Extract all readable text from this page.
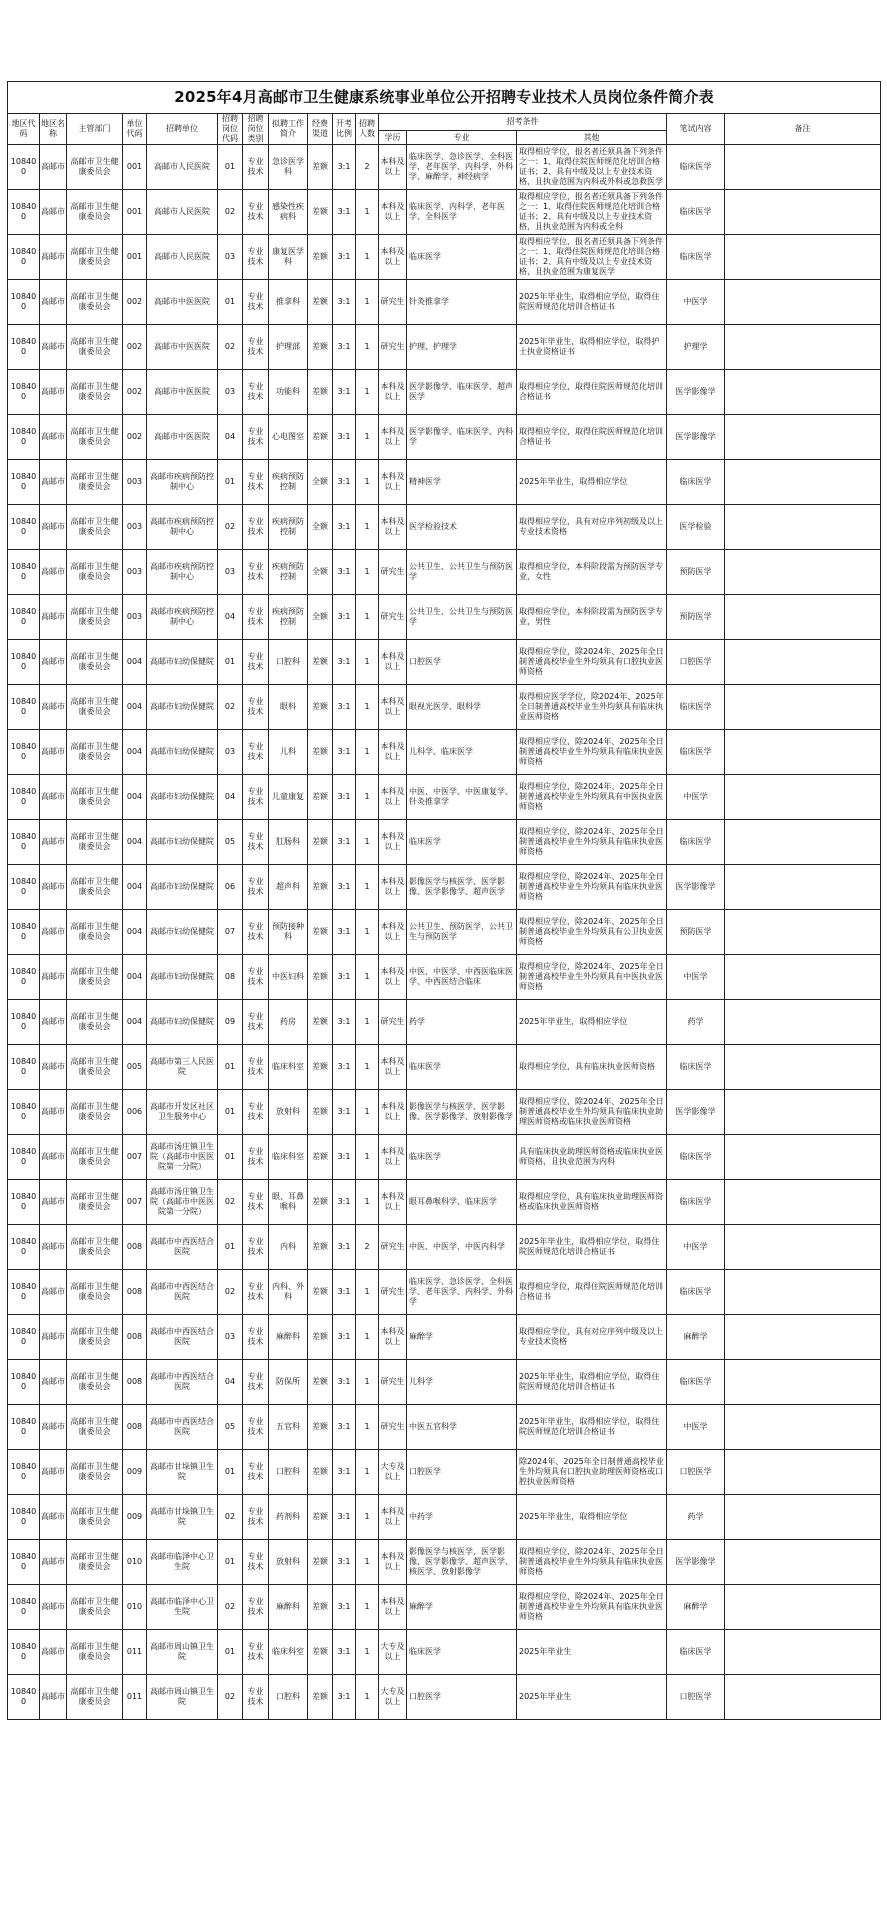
2025年4月高邮市卫生健康系统事业单位公开招聘专业技术人员岗位条件简介表															
地区代码	地区名称	主管部门	单位代码	招聘单位	招聘岗位代码	招聘岗位类别	拟聘工作简介	经费渠道	开考比例	招聘人数	招考条件			笔试内容	备注
											学历	专业	其他		

108400	高邮市	高邮市卫生健康委员会	001	高邮市人民医院	01	专业技术	急诊医学科	差额	3:1	2	本科及以上	临床医学、急诊医学、全科医学、老年医学、内科学、外科学、麻醉学、神经病学	取得相应学位，报名者还须具备下列条件之一：1、取得住院医师规范化培训合格证书；2、具有中级及以上专业技术资格，且执业范围为内科或外科或急救医学	临床医学	

108400	高邮市	高邮市卫生健康委员会	001	高邮市人民医院	02	专业技术	感染性疾病科	差额	3:1	1	本科及以上	临床医学、内科学、老年医学、全科医学	取得相应学位，报名者还须具备下列条件之一：1、取得住院医师规范化培训合格证书；2、具有中级及以上专业技术资格，且执业范围为内科或全科	临床医学	

108400	高邮市	高邮市卫生健康委员会	001	高邮市人民医院	03	专业技术	康复医学科	差额	3:1	1	本科及以上	临床医学	取得相应学位，报名者还须具备下列条件之一：1、取得住院医师规范化培训合格证书；2、具有中级及以上专业技术资格，且执业范围为康复医学	临床医学	

108400	高邮市	高邮市卫生健康委员会	002	高邮市中医医院	01	专业技术	推拿科	差额	3:1	1	研究生	针灸推拿学	2025年毕业生，取得相应学位，取得住院医师规范化培训合格证书	中医学	

108400	高邮市	高邮市卫生健康委员会	002	高邮市中医医院	02	专业技术	护理部	差额	3:1	1	研究生	护理、护理学	2025年毕业生，取得相应学位，取得护士执业资格证书	护理学	

108400	高邮市	高邮市卫生健康委员会	002	高邮市中医医院	03	专业技术	功能科	差额	3:1	1	本科及以上	医学影像学、临床医学、超声医学	取得相应学位，取得住院医师规范化培训合格证书	医学影像学	

108400	高邮市	高邮市卫生健康委员会	002	高邮市中医医院	04	专业技术	心电图室	差额	3:1	1	本科及以上	医学影像学、临床医学、内科学	取得相应学位，取得住院医师规范化培训合格证书	医学影像学	

108400	高邮市	高邮市卫生健康委员会	003	高邮市疾病预防控制中心	01	专业技术	疾病预防控制	全额	3:1	1	本科及以上	精神医学	2025年毕业生，取得相应学位	临床医学	

108400	高邮市	高邮市卫生健康委员会	003	高邮市疾病预防控制中心	02	专业技术	疾病预防控制	全额	3:1	1	本科及以上	医学检验技术	取得相应学位，具有对应序列初级及以上专业技术资格	医学检验	

108400	高邮市	高邮市卫生健康委员会	003	高邮市疾病预防控制中心	03	专业技术	疾病预防控制	全额	3:1	1	研究生	公共卫生、公共卫生与预防医学	取得相应学位，本科阶段需为预防医学专业，女性	预防医学	

108400	高邮市	高邮市卫生健康委员会	003	高邮市疾病预防控制中心	04	专业技术	疾病预防控制	全额	3:1	1	研究生	公共卫生、公共卫生与预防医学	取得相应学位，本科阶段需为预防医学专业，男性	预防医学	

108400	高邮市	高邮市卫生健康委员会	004	高邮市妇幼保健院	01	专业技术	口腔科	差额	3:1	1	本科及以上	口腔医学	取得相应学位，除2024年、2025年全日制普通高校毕业生外均须具有口腔执业医师资格	口腔医学	

108400	高邮市	高邮市卫生健康委员会	004	高邮市妇幼保健院	02	专业技术	眼科	差额	3:1	1	本科及以上	眼视光医学、眼科学	取得相应医学学位，除2024年、2025年全日制普通高校毕业生外均须具有临床执业医师资格	临床医学	

108400	高邮市	高邮市卫生健康委员会	004	高邮市妇幼保健院	03	专业技术	儿科	差额	3:1	1	本科及以上	儿科学、临床医学	取得相应学位，除2024年、2025年全日制普通高校毕业生外均须具有临床执业医师资格	临床医学	

108400	高邮市	高邮市卫生健康委员会	004	高邮市妇幼保健院	04	专业技术	儿童康复	差额	3:1	1	本科及以上	中医、中医学、中医康复学、针灸推拿学	取得相应学位，除2024年、2025年全日制普通高校毕业生外均须具有中医执业医师资格	中医学	

108400	高邮市	高邮市卫生健康委员会	004	高邮市妇幼保健院	05	专业技术	肛肠科	差额	3:1	1	本科及以上	临床医学	取得相应学位，除2024年、2025年全日制普通高校毕业生外均须具有临床执业医师资格	临床医学	

108400	高邮市	高邮市卫生健康委员会	004	高邮市妇幼保健院	06	专业技术	超声科	差额	3:1	1	本科及以上	影像医学与核医学、医学影像、医学影像学、超声医学	取得相应学位，除2024年、2025年全日制普通高校毕业生外均须具有临床执业医师资格	医学影像学	

108400	高邮市	高邮市卫生健康委员会	004	高邮市妇幼保健院	07	专业技术	预防接种科	差额	3:1	1	本科及以上	公共卫生、预防医学、公共卫生与预防医学	取得相应学位，除2024年、2025年全日制普通高校毕业生外均须具有公卫执业医师资格	预防医学	

108400	高邮市	高邮市卫生健康委员会	004	高邮市妇幼保健院	08	专业技术	中医妇科	差额	3:1	1	本科及以上	中医、中医学、中西医临床医学、中西医结合临床	取得相应学位，除2024年、2025年全日制普通高校毕业生外均须具有中医执业医师资格	中医学	

108400	高邮市	高邮市卫生健康委员会	004	高邮市妇幼保健院	09	专业技术	药房	差额	3:1	1	研究生	药学	2025年毕业生，取得相应学位	药学	

108400	高邮市	高邮市卫生健康委员会	005	高邮市第三人民医院	01	专业技术	临床科室	差额	3:1	1	本科及以上	临床医学	取得相应学位，具有临床执业医师资格	临床医学	

108400	高邮市	高邮市卫生健康委员会	006	高邮市开发区社区卫生服务中心	01	专业技术	放射科	差额	3:1	1	本科及以上	影像医学与核医学、医学影像、医学影像学、放射影像学	取得相应学位，除2024年、2025年全日制普通高校毕业生外均须具有临床执业助理医师资格或临床执业医师资格	医学影像学	

108400	高邮市	高邮市卫生健康委员会	007	高邮市汤庄镇卫生院（高邮市中医医院第一分院）	01	专业技术	临床科室	差额	3:1	1	本科及以上	临床医学	具有临床执业助理医师资格或临床执业医师资格，且执业范围为内科	临床医学	

108400	高邮市	高邮市卫生健康委员会	007	高邮市汤庄镇卫生院（高邮市中医医院第一分院）	02	专业技术	眼、耳鼻喉科	差额	3:1	1	本科及以上	眼耳鼻喉科学、临床医学	取得相应学位，具有临床执业助理医师资格或临床执业医师资格	临床医学	

108400	高邮市	高邮市卫生健康委员会	008	高邮市中西医结合医院	01	专业技术	内科	差额	3:1	2	研究生	中医、中医学、中医内科学	2025年毕业生，取得相应学位，取得住院医师规范化培训合格证书	中医学	

108400	高邮市	高邮市卫生健康委员会	008	高邮市中西医结合医院	02	专业技术	内科、外科	差额	3:1	1	研究生	临床医学、急诊医学、全科医学、老年医学、内科学、外科学	取得相应学位，取得住院医师规范化培训合格证书	临床医学	

108400	高邮市	高邮市卫生健康委员会	008	高邮市中西医结合医院	03	专业技术	麻醉科	差额	3:1	1	本科及以上	麻醉学	取得相应学位，具有对应序列中级及以上专业技术资格	麻醉学	

108400	高邮市	高邮市卫生健康委员会	008	高邮市中西医结合医院	04	专业技术	防保所	差额	3:1	1	研究生	儿科学	2025年毕业生，取得相应学位，取得住院医师规范化培训合格证书	临床医学	

108400	高邮市	高邮市卫生健康委员会	008	高邮市中西医结合医院	05	专业技术	五官科	差额	3:1	1	研究生	中医五官科学	2025年毕业生，取得相应学位，取得住院医师规范化培训合格证书	中医学	

108400	高邮市	高邮市卫生健康委员会	009	高邮市甘垛镇卫生院	01	专业技术	口腔科	差额	3:1	1	大专及以上	口腔医学	除2024年、2025年全日制普通高校毕业生外均须具有口腔执业助理医师资格或口腔执业医师资格	口腔医学	

108400	高邮市	高邮市卫生健康委员会	009	高邮市甘垛镇卫生院	02	专业技术	药剂科	差额	3:1	1	本科及以上	中药学	2025年毕业生，取得相应学位	药学	

108400	高邮市	高邮市卫生健康委员会	010	高邮市临泽中心卫生院	01	专业技术	放射科	差额	3:1	1	本科及以上	影像医学与核医学、医学影像、医学影像学、超声医学、核医学、放射影像学	取得相应学位，除2024年、2025年全日制普通高校毕业生外均须具有临床执业医师资格	医学影像学	

108400	高邮市	高邮市卫生健康委员会	010	高邮市临泽中心卫生院	02	专业技术	麻醉科	差额	3:1	1	本科及以上	麻醉学	取得相应学位，除2024年、2025年全日制普通高校毕业生外均须具有临床执业医师资格	麻醉学	

108400	高邮市	高邮市卫生健康委员会	011	高邮市周山镇卫生院	01	专业技术	临床科室	差额	3:1	1	大专及以上	临床医学	2025年毕业生	临床医学	

108400	高邮市	高邮市卫生健康委员会	011	高邮市周山镇卫生院	02	专业技术	口腔科	差额	3:1	1	大专及以上	口腔医学	2025年毕业生	口腔医学	
